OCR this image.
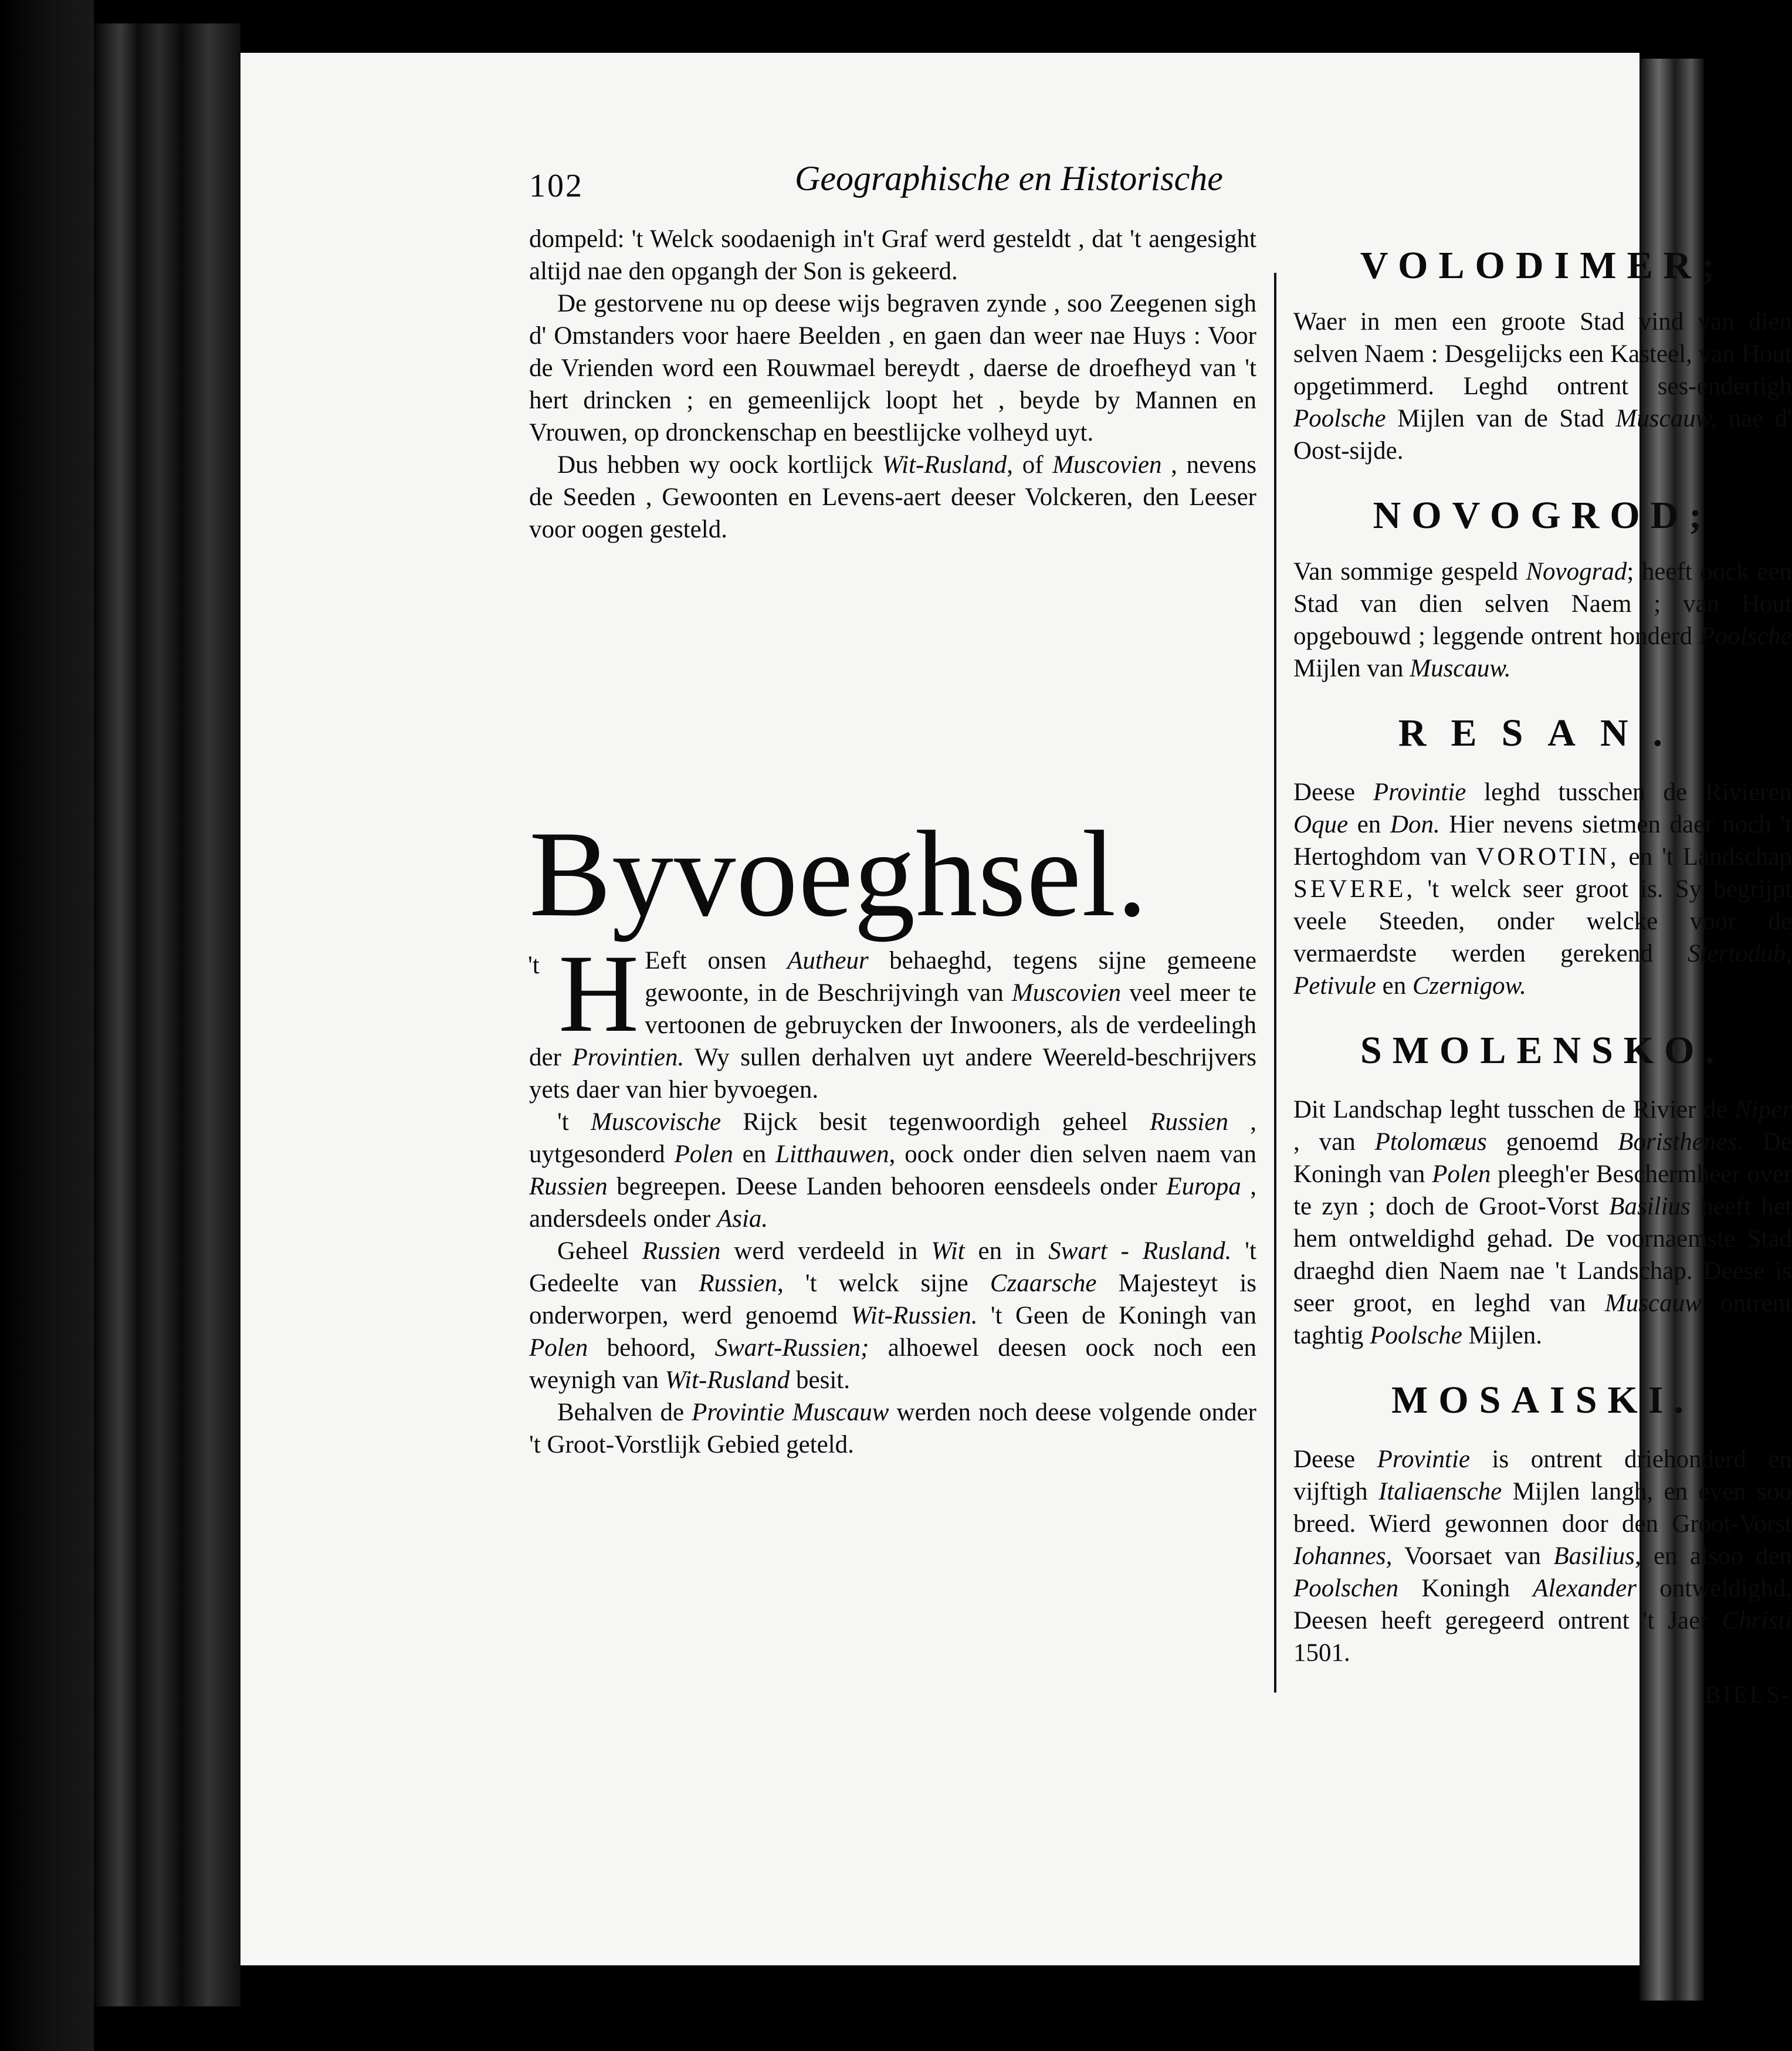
102	Geographische en Historische

dompeld: 't Welck soodaenigh in't Graf werd gesteldt , dat 't aengesight altijd nae den opgangh der Son is gekeerd.

De gestorvene nu op deese wijs begraven zynde , soo Zeegenen sigh d' Omstanders voor haere Beelden , en gaen dan weer nae Huys : Voor de Vrienden word een Rouwmael bereydt , daerse de droefheyd van 't hert drincken ; en gemeenlijck loopt het , beyde by Mannen en Vrouwen, op dronckenschap en beestlijcke volheyd uyt.

Dus hebben wy oock kortlijck Wit-Rusland, of Muscovien , nevens de Seeden , Gewoonten en Levens-aert deeser Volckeren, den Leeser voor oogen gesteld.

Byvoeghsel.

't H Eeft onsen Autheur behaeghd, tegens sijne gemeene gewoonte, in de Beschrijvingh van Muscovien veel meer te vertoonen de gebruycken der Inwooners, als de verdeelingh der Provintien. Wy sullen derhalven uyt andere Weereld-beschrijvers yets daer van hier byvoegen.

't Muscovische Rijck besit tegenwoordigh geheel Russien , uytgesonderd Polen en Litthauwen, oock onder dien selven naem van Russien begreepen. Deese Landen behooren eensdeels onder Europa , andersdeels onder Asia.

Geheel Russien werd verdeeld in Wit en in Swart - Rusland. 't Gedeelte van Russien, 't welck sijne Czaarsche Majesteyt is onderworpen, werd genoemd Wit-Russien. 't Geen de Koningh van Polen behoord, Swart-Russien; alhoewel deesen oock noch een weynigh van Wit-Rusland besit.

Behalven de Provintie Muscauw werden noch deese volgende onder 't Groot-Vorstlijk Gebied geteld.

VOLODIMER;

Waer in men een groote Stad vind van dien selven Naem : Desgelijcks een Kasteel, van Hout opgetimmerd. Leghd ontrent ses-endertigh Poolsche Mijlen van de Stad Muscauw, nae d' Oost-sijde.

NOVOGROD;

Van sommige gespeld Novograd; heeft oock een Stad van dien selven Naem ; van Hout opgebouwd ; leggende ontrent honderd Poolsche Mijlen van Muscauw.

RESAN.

Deese Provintie leghd tusschen de Rivieren Oque en Don. Hier nevens sietmen daer noch 't Hertoghdom van VOROTIN, en 't Landschap SEVERE, 't welck seer groot is. Sy begrijpt veele Steeden, onder welcke voor de vermaerdste werden gerekend Stertodub, Petivule en Czernigow.

SMOLENSKO.

Dit Landschap leght tusschen de Rivier de Niper , van Ptolomæus genoemd Boristhenes. De Koningh van Polen pleegh'er Beschermheer over te zyn ; doch de Groot-Vorst Basilius heeft het hem ontweldighd gehad. De voornaemste Stad draeghd dien Naem nae 't Landschap. Deese is seer groot, en leghd van Muscauw ontrent taghtig Poolsche Mijlen.

MOSAISKI.

Deese Provintie is ontrent driehonderd en vijftigh Italiaensche Mijlen langh, en even soo breed. Wierd gewonnen door den Groot-Vorst Iohannes, Voorsaet van Basilius, en alsoo den Poolschen Koningh Alexander ontweldighd. Deesen heeft geregeerd ontrent 't Jaer Christi 1501.

BIELS-
